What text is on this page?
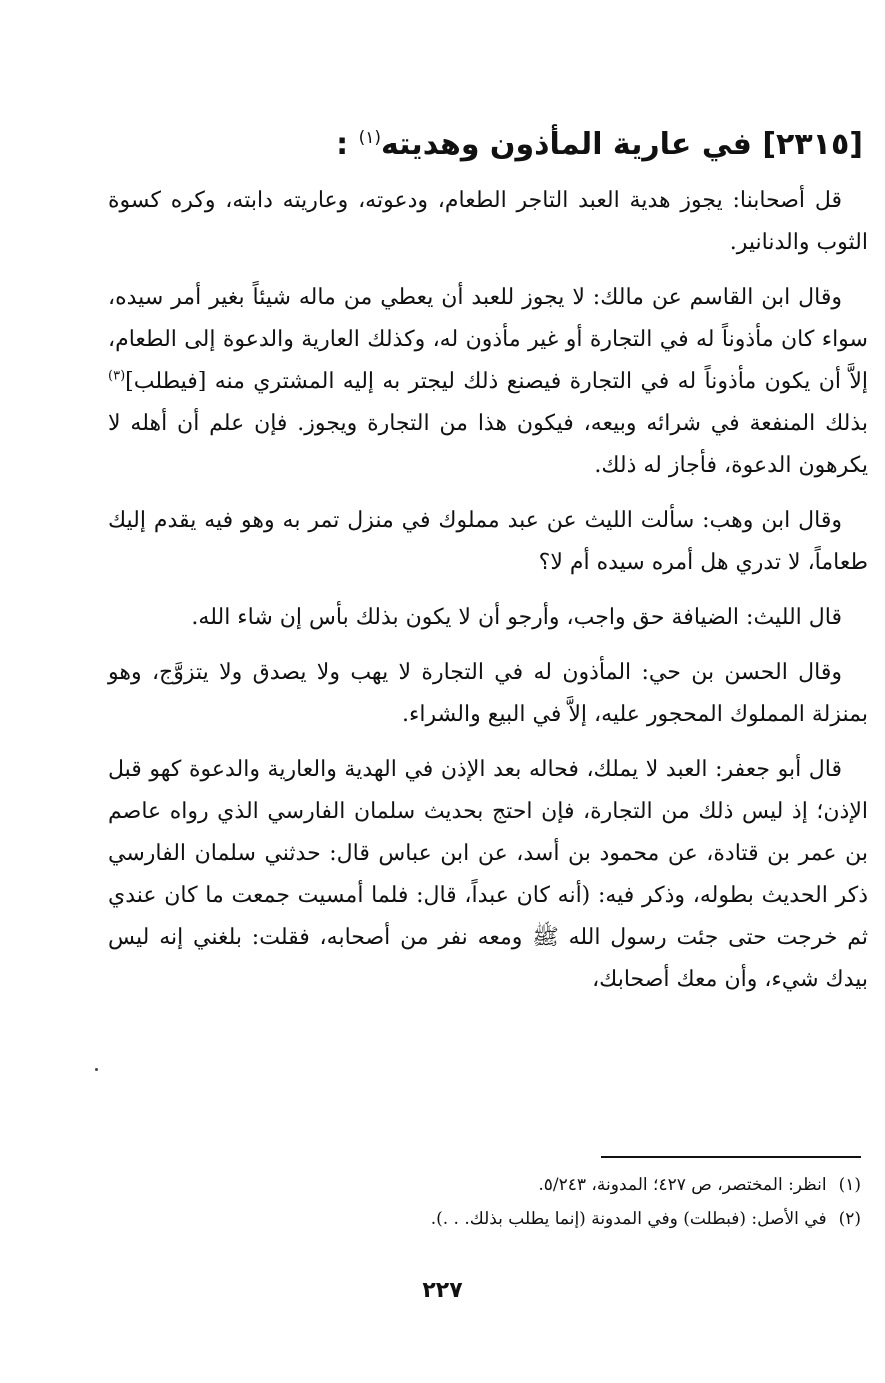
[٢٣١٥] في عارية المأذون وهديته$^{(١)}$ :

قل أصحابنا: يجوز هدية العبد التاجر الطعام، ودعوته، وعاريته دابته، وكره كسوة الثوب والدنانير.

وقال ابن القاسم عن مالك: لا يجوز للعبد أن يعطي من ماله شيئاً بغير أمر سيده، سواء كان مأذوناً له في التجارة أو غير مأذون له، وكذلك العارية والدعوة إلى الطعام، إلاَّ أن يكون مأذوناً له في التجارة فيصنع ذلك ليجتر به إليه المشتري منه [فيطلب]$^{(٣)}$ بذلك المنفعة في شرائه وبيعه، فيكون هذا من التجارة ويجوز. فإن علم أن أهله لا يكرهون الدعوة، فأجاز له ذلك.

وقال ابن وهب: سألت الليث عن عبد مملوك في منزل تمر به وهو فيه يقدم إليك طعاماً، لا تدري هل أمره سيده أم لا؟

قال الليث: الضيافة حق واجب، وأرجو أن لا يكون بذلك بأس إن شاء الله.

وقال الحسن بن حي: المأذون له في التجارة لا يهب ولا يصدق ولا يتزوَّج، وهو بمنزلة المملوك المحجور عليه، إلاَّ في البيع والشراء.

قال أبو جعفر: العبد لا يملك، فحاله بعد الإذن في الهدية والعارية والدعوة كهو قبل الإذن؛ إذ ليس ذلك من التجارة، فإن احتج بحديث سلمان الفارسي الذي رواه عاصم بن عمر بن قتادة، عن محمود بن أسد، عن ابن عباس قال: حدثني سلمان الفارسي ذكر الحديث بطوله، وذكر فيه: (أنه كان عبداً، قال: فلما أمسيت جمعت ما كان عندي ثم خرجت حتى جئت رسول الله ﷺ ومعه نفر من أصحابه، فقلت: بلغني إنه ليس بيدك شيء، وأن معك أصحابك،

(١)انظر: المختصر، ص ٤٢٧؛ المدونة، ٥/٢٤٣.

(٢)في الأصل: (فبطلت) وفي المدونة (إنما يطلب بذلك. . .).

٢٢٧
